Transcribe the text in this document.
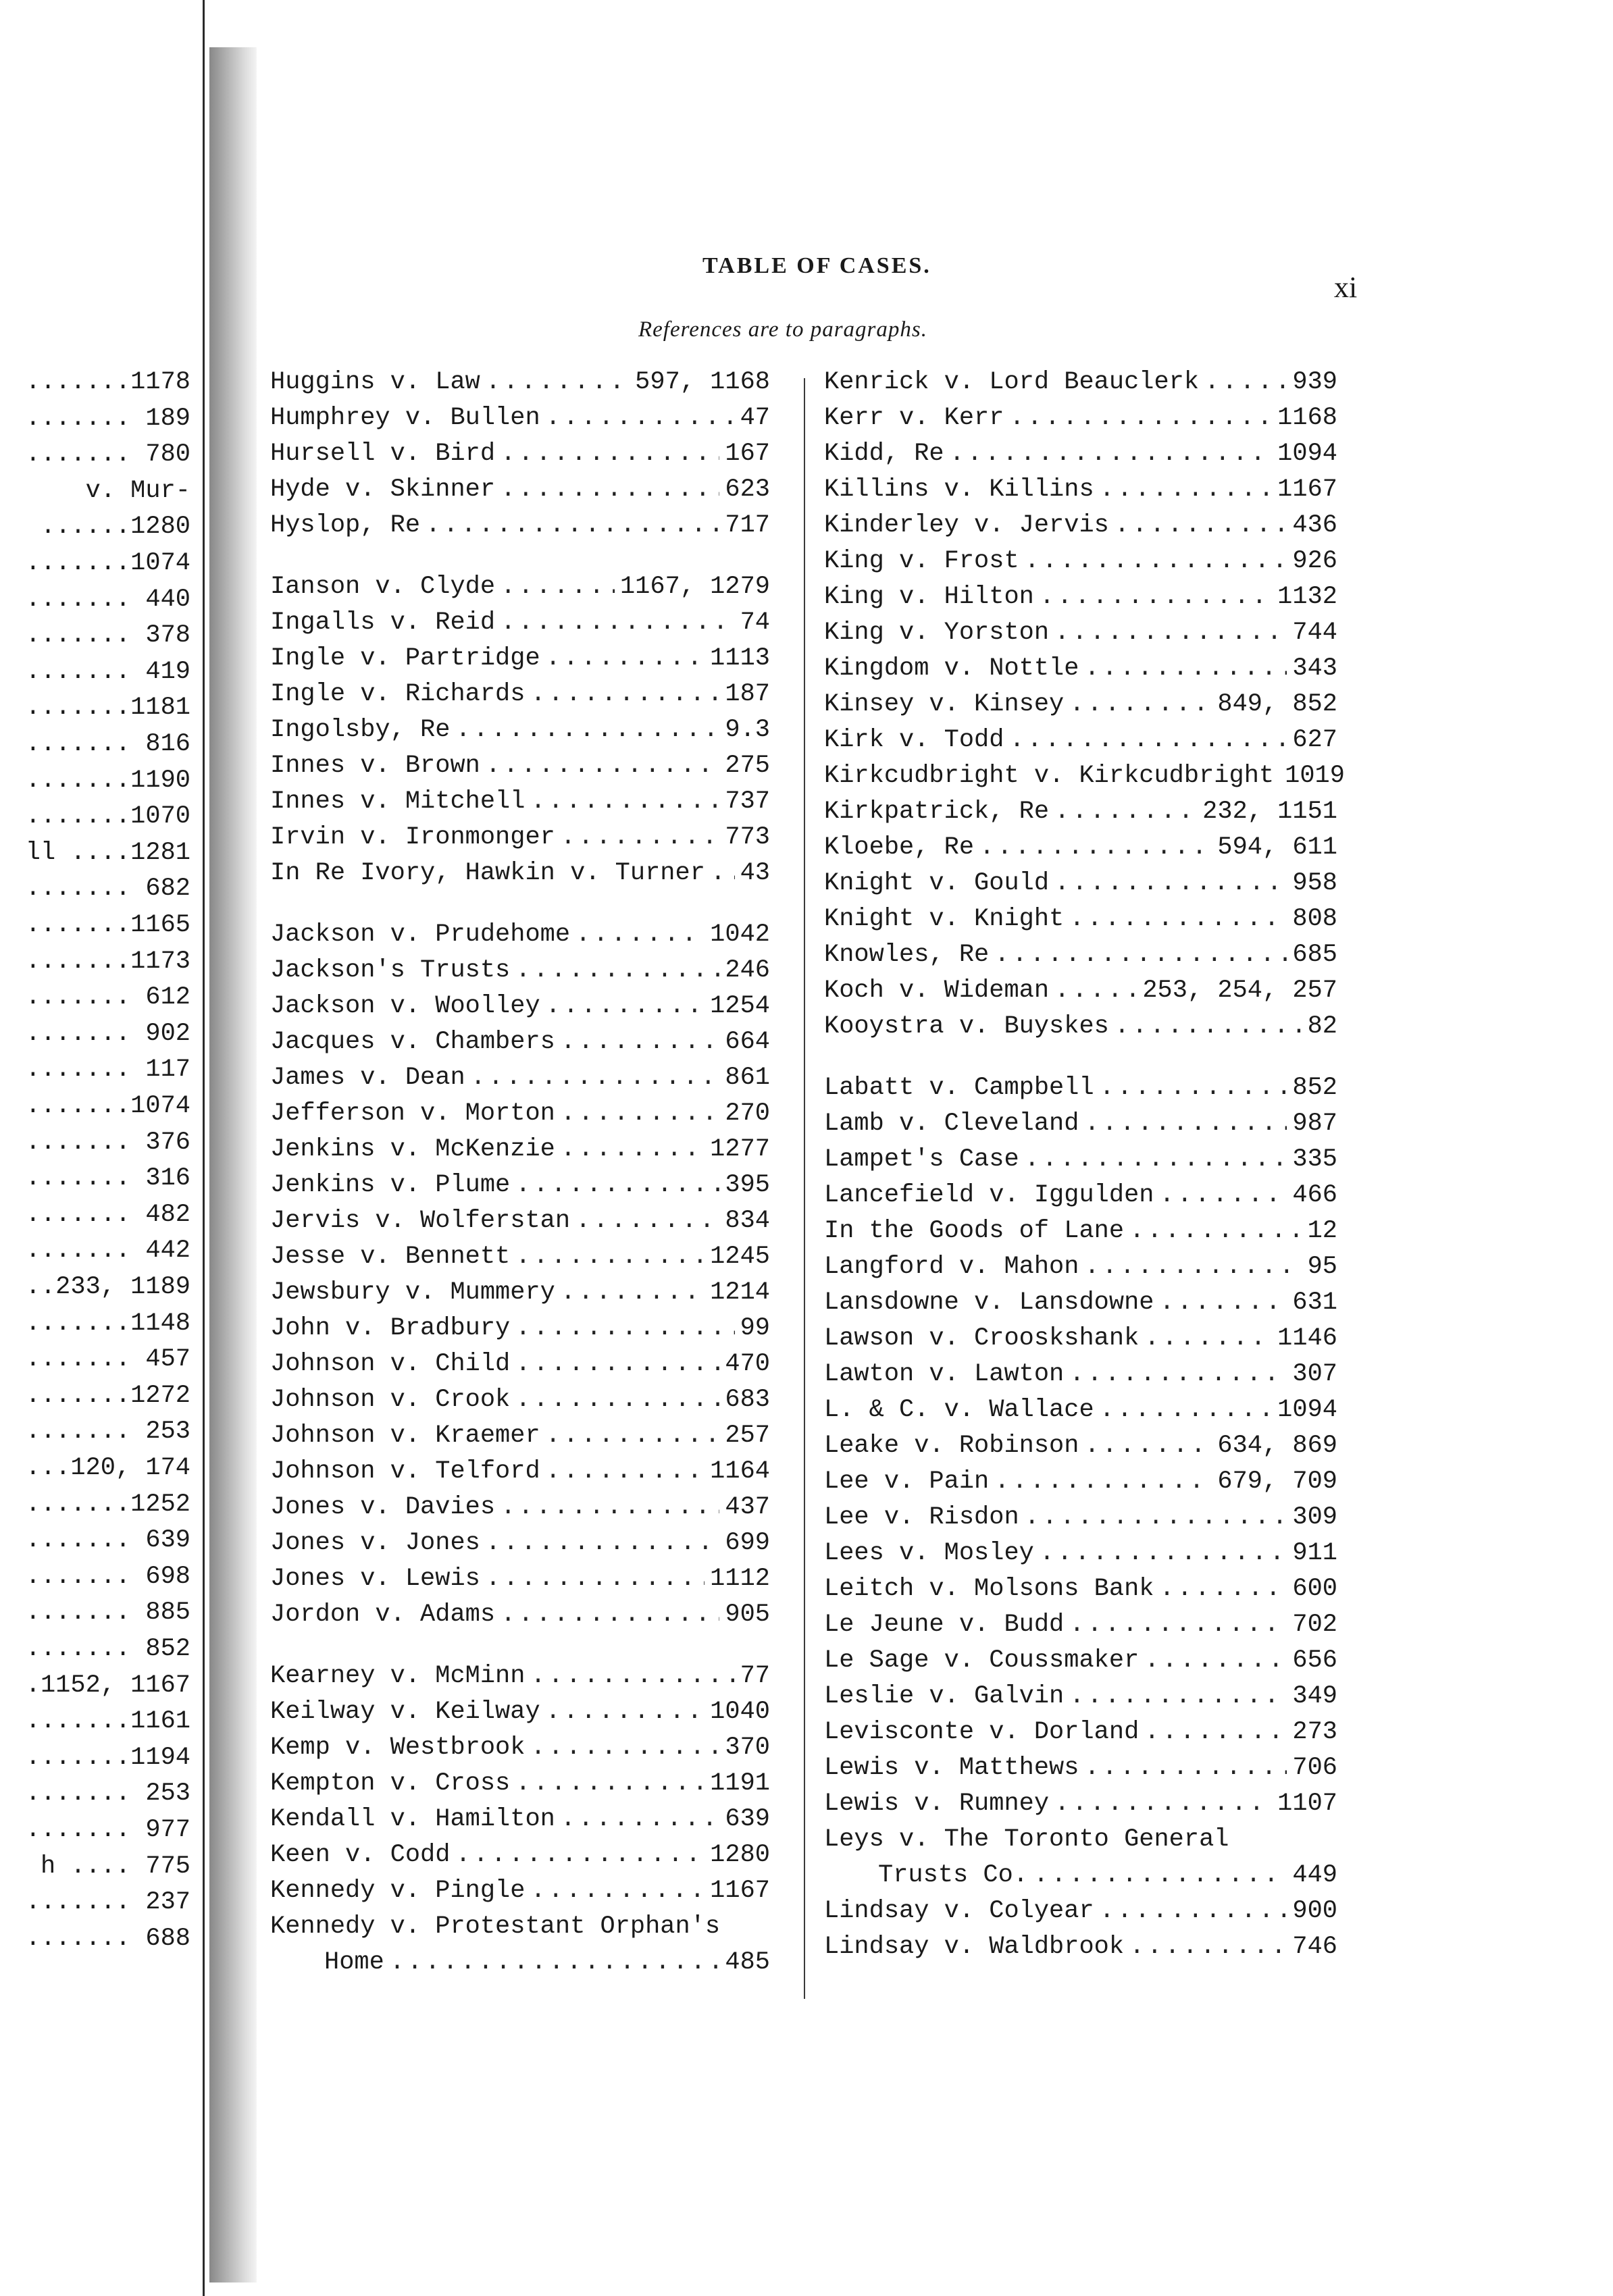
.......1178
....... 189
....... 780
v. Mur-
......1280
.......1074
....... 440
....... 378
....... 419
.......1181
....... 816
.......1190
.......1070
ll ....1281
....... 682
.......1165
.......1173
....... 612
....... 902
....... 117
.......1074
....... 376
....... 316
....... 482
....... 442
..233, 1189
.......1148
....... 457
.......1272
....... 253
...120, 174
.......1252
....... 639
....... 698
....... 885
....... 852
.1152, 1167
.......1161
.......1194
....... 253
....... 977
h .... 775
....... 237
....... 688
TABLE OF CASES.
xi
References are to paragraphs.
Huggins v. Law .....	597, 1168
Humphrey v. Bullen .....	47
Hursell v. Bird .....	167
Hyde v. Skinner .....	623
Hyslop, Re .....	717
Ianson v. Clyde .....	1167, 1279
Ingalls v. Reid .....	74
Ingle v. Partridge .....	1113
Ingle v. Richards .....	187
Ingolsby, Re .....	9.3
Innes v. Brown .....	275
Innes v. Mitchell .....	737
Irvin v. Ironmonger .....	773
In Re Ivory, Hawkin v. Turner ..... 43
Jackson v. Prudehome .....	1042
Jackson's Trusts .....	246
Jackson v. Woolley .....	1254
Jacques v. Chambers .....	664
James v. Dean .....	861
Jefferson v. Morton .....	270
Jenkins v. McKenzie .....	1277
Jenkins v. Plume .....	395
Jervis v. Wolferstan .....	834
Jesse v. Bennett .....	1245
Jewsbury v. Mummery .....	1214
John v. Bradbury .....	99
Johnson v. Child .....	470
Johnson v. Crook .....	683
Johnson v. Kraemer .....	257
Johnson v. Telford .....	1164
Jones v. Davies .....	437
Jones v. Jones .....	699
Jones v. Lewis .....	1112
Jordon v. Adams .....	905
Kearney v. McMinn .....	77
Keilway v. Keilway .....	1040
Kemp v. Westbrook .....	370
Kempton v. Cross .....	1191
Kendall v. Hamilton .....	639
Keen v. Codd .....	1280
Kennedy v. Pingle .....	1167
Kennedy v. Protestant Orphan's
Home .....	485
Kenrick v. Lord Beauclerk .....	939
Kerr v. Kerr .....	1168
Kidd, Re .....	1094
Killins v. Killins .....	1167
Kinderley v. Jervis .....	436
King v. Frost .....	926
King v. Hilton .....	1132
King v. Yorston .....	744
Kingdom v. Nottle .....	343
Kinsey v. Kinsey .....	849, 852
Kirk v. Todd .....	627
Kirkcudbright v. Kirkcudbright 1019
Kirkpatrick, Re .....	232, 1151
Kloebe, Re .....	594, 611
Knight v. Gould .....	958
Knight v. Knight .....	808
Knowles, Re .....	685
Koch v. Wideman .....	253, 254, 257
Kooystra v. Buyskes .....	82
Labatt v. Campbell .....	852
Lamb v. Cleveland .....	987
Lampet's Case .....	335
Lancefield v. Iggulden .....	466
In the Goods of Lane .....	12
Langford v. Mahon .....	95
Lansdowne v. Lansdowne .....	631
Lawson v. Crooskshank .....	1146
Lawton v. Lawton .....	307
L. & C. v. Wallace .....	1094
Leake v. Robinson .....	634, 869
Lee v. Pain .....	679, 709
Lee v. Risdon .....	309
Lees v. Mosley .....	911
Leitch v. Molsons Bank .....	600
Le Jeune v. Budd .....	702
Le Sage v. Coussmaker .....	656
Leslie v. Galvin .....	349
Levisconte v. Dorland .....	273
Lewis v. Matthews .....	706
Lewis v. Rumney .....	1107
Leys v. The Toronto General
Trusts Co. .....	449
Lindsay v. Colyear .....	900
Lindsay v. Waldbrook .....	746
